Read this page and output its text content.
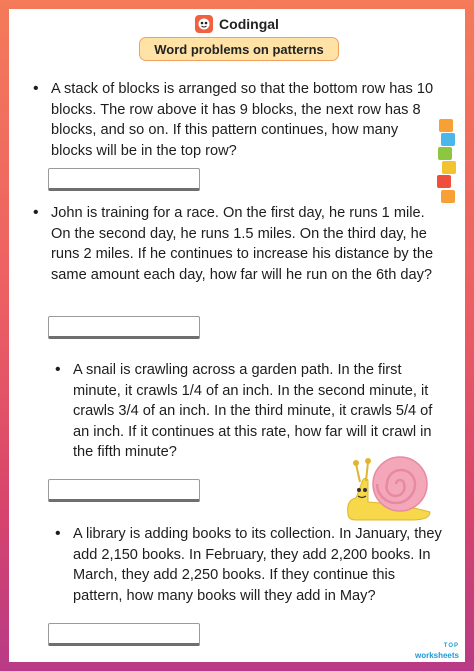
Codingal
Word problems on patterns
• A stack of blocks is arranged so that the bottom row has 10 blocks. The row above it has 9 blocks, the next row has 8 blocks, and so on. If this pattern continues, how many blocks will be in the top row?
• John is training for a race. On the first day, he runs 1 mile. On the second day, he runs 1.5 miles. On the third day, he runs 2 miles. If he continues to increase his distance by the same amount each day, how far will he run on the 6th day?
• A snail is crawling across a garden path. In the first minute, it crawls 1/4 of an inch. In the second minute, it crawls 3/4 of an inch. In the third minute, it crawls 5/4 of an inch. If it continues at this rate, how far will it crawl in the fifth minute?
• A library is adding books to its collection. In January, they add 2,150 books. In February, they add 2,200 books. In March, they add 2,250 books. If they continue this pattern, how many books will they add in May?
TOP
worksheets
